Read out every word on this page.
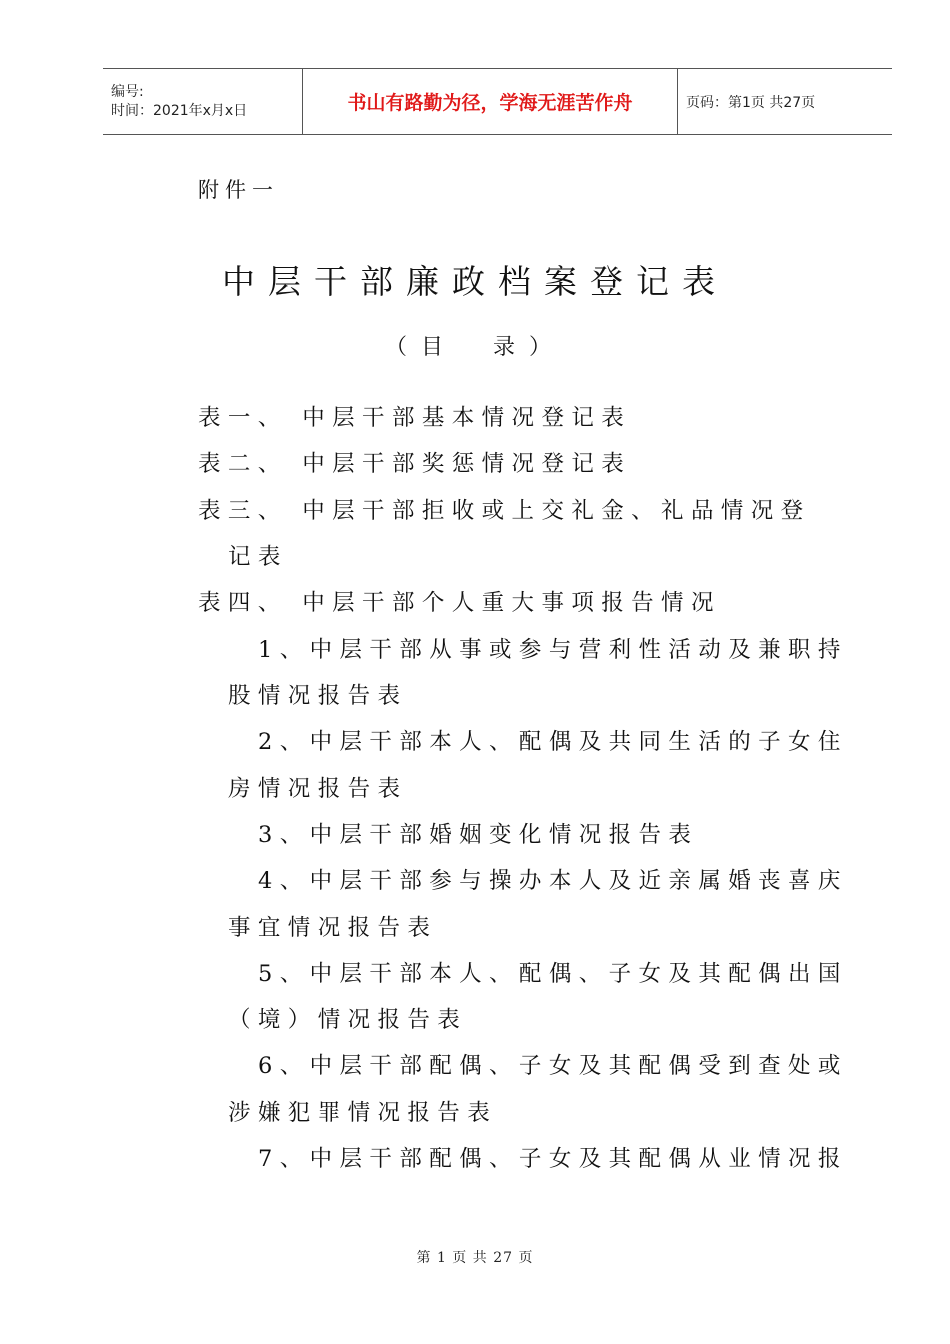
编号:
时间：2021年x月x日	书山有路勤为径，学海无涯苦作舟	页码：第1页 共27页
附件一
中层干部廉政档案登记表
（目　录）
表一、 中层干部基本情况登记表
表二、 中层干部奖惩情况登记表
表三、 中层干部拒收或上交礼金、礼品情况登
记表
表四、 中层干部个人重大事项报告情况
1、中层干部从事或参与营利性活动及兼职持
股情况报告表
2、中层干部本人、配偶及共同生活的子女住
房情况报告表
3、中层干部婚姻变化情况报告表
4、中层干部参与操办本人及近亲属婚丧喜庆
事宜情况报告表
5、中层干部本人、配偶、子女及其配偶出国
（境）情况报告表
6、中层干部配偶、子女及其配偶受到查处或
涉嫌犯罪情况报告表
7、中层干部配偶、子女及其配偶从业情况报
第 1 页 共 27 页
